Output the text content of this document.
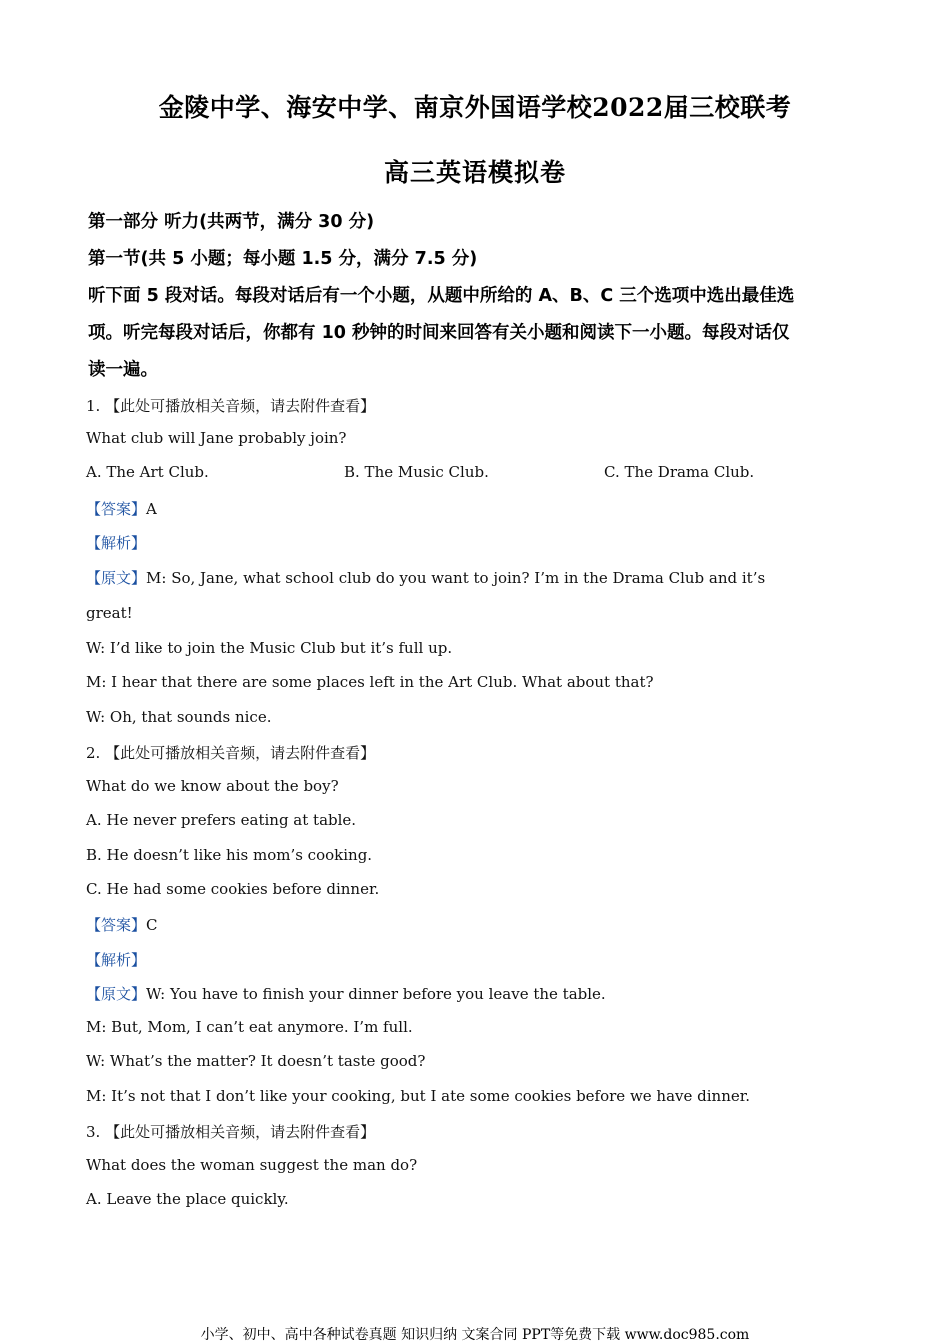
金陵中学、海安中学、南京外国语学校2022届三校联考
高三英语模拟卷
第一部分 听力(共两节，满分 30 分)
第一节(共 5 小题；每小题 1.5 分，满分 7.5 分)
听下面 5 段对话。每段对话后有一个小题，从题中所给的 A、B、C 三个选项中选出最佳选
项。听完每段对话后，你都有 10 秒钟的时间来回答有关小题和阅读下一小题。每段对话仅
读一遍。
1. 【此处可播放相关音频，请去附件查看】
What club will Jane probably join?
A. The Art Club.	B. The Music Club.	C. The Drama Club.
【答案】A
【解析】
【原文】M: So, Jane, what school club do you want to join? I’m in the Drama Club and it’s
great!
W: I’d like to join the Music Club but it’s full up.
M: I hear that there are some places left in the Art Club. What about that?
W: Oh, that sounds nice.
2. 【此处可播放相关音频，请去附件查看】
What do we know about the boy?
A. He never prefers eating at table.
B. He doesn’t like his mom’s cooking.
C. He had some cookies before dinner.
【答案】C
【解析】
【原文】W: You have to finish your dinner before you leave the table.
M: But, Mom, I can’t eat anymore. I’m full.
W: What’s the matter? It doesn’t taste good?
M: It’s not that I don’t like your cooking, but I ate some cookies before we have dinner.
3. 【此处可播放相关音频，请去附件查看】
What does the woman suggest the man do?
A. Leave the place quickly.
小学、初中、高中各种试卷真题 知识归纳 文案合同 PPT等免费下载 www.doc985.com
